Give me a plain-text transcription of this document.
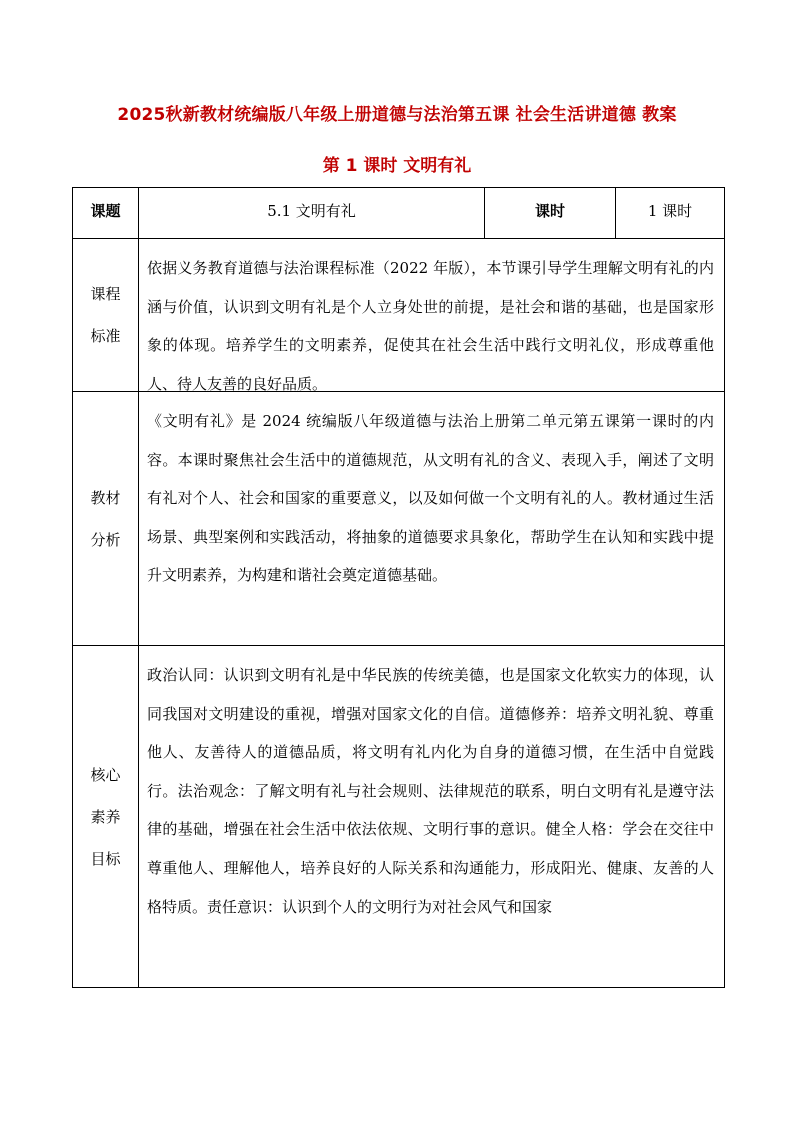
2025秋新教材统编版八年级上册道德与法治第五课 社会生活讲道德 教案
第 1 课时 文明有礼
课题	5.1 文明有礼	课时	1 课时

课程标准	依据义务教育道德与法治课程标准（2022 年版），本节课引导学生理解文明有礼的内涵与价值，认识到文明有礼是个人立身处世的前提，是社会和谐的基础，也是国家形象的体现。培养学生的文明素养，促使其在社会生活中践行文明礼仪，形成尊重他人、待人友善的良好品质。		

教材分析	《文明有礼》是 2024 统编版八年级道德与法治上册第二单元第五课第一课时的内容。本课时聚焦社会生活中的道德规范，从文明有礼的含义、表现入手，阐述了文明有礼对个人、社会和国家的重要意义，以及如何做一个文明有礼的人。教材通过生活场景、典型案例和实践活动，将抽象的道德要求具象化，帮助学生在认知和实践中提升文明素养，为构建和谐社会奠定道德基础。		

核心素养目标	政治认同：认识到文明有礼是中华民族的传统美德，也是国家文化软实力的体现，认同我国对文明建设的重视，增强对国家文化的自信。道德修养：培养文明礼貌、尊重他人、友善待人的道德品质，将文明有礼内化为自身的道德习惯，在生活中自觉践行。法治观念：了解文明有礼与社会规则、法律规范的联系，明白文明有礼是遵守法律的基础，增强在社会生活中依法依规、文明行事的意识。健全人格：学会在交往中尊重他人、理解他人，培养良好的人际关系和沟通能力，形成阳光、健康、友善的人格特质。责任意识：认识到个人的文明行为对社会风气和国家		
